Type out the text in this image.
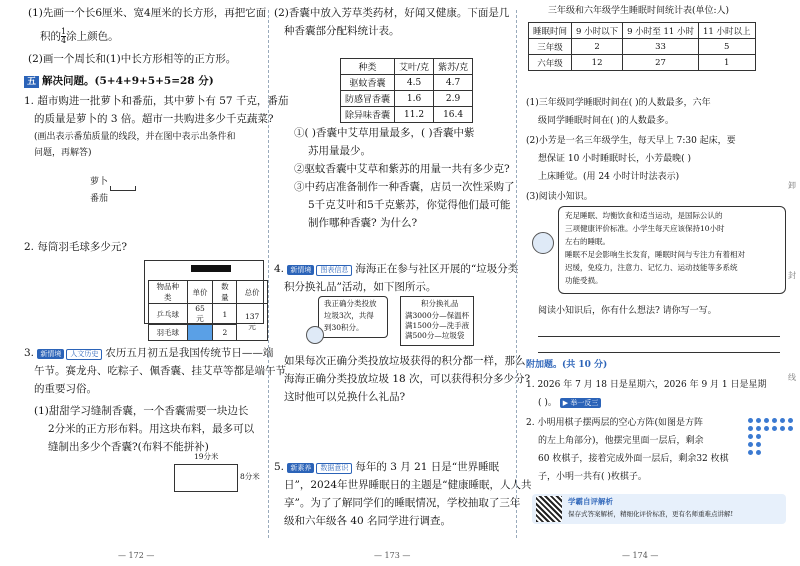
(1)先画一个长6厘米、宽4厘米的长方形，再把它面
积的 $\frac{1}{4}$ 涂上颜色。
(2)画一个周长和(1)中长方形相等的正方形。
五 解决问题。(5+4+9+5+5=28 分)
1. 超市购进一批萝卜和番茄，其中萝卜有 57 千克，番茄
的质量是萝卜的 3 倍。超市一共购进多少千克蔬菜?
(画出表示番茄质量的线段，并在图中表示出条件和
问题，再解答)
萝卜
番茄
2. 每筒羽毛球多少元?
物品种类	单价	数量	总价
乒乓球	65元	1	137元
羽毛球		2	
3. 新情境 人文历史 农历五月初五是我国传统节日——端
午节。赛龙舟、吃粽子、佩香囊、挂艾草等都是端午节
的重要习俗。
(1)甜甜学习缝制香囊，一个香囊需要一块边长
2分米的正方形布料。用这块布料，最多可以
缝制出多少个香囊?(布料不能拼补)
19分米
8分米
— 172 —
(2)香囊中放入芳草类药材，好闻又健康。下面是几
种香囊部分配料统计表。
种类	艾叶/克	紫苏/克
驱蚊香囊	4.5	4.7
防感冒香囊	1.6	2.9
除异味香囊	11.2	16.4
①( )香囊中艾草用量最多，( )香囊中紫
苏用量最少。
②驱蚊香囊中艾草和紫苏的用量一共有多少克?
③中药店准备制作一种香囊，店员一次性采购了
5千克艾叶和5千克紫苏，你觉得他们最可能
制作哪种香囊? 为什么?
4. 新情境 图表信息 海海正在参与社区开展的“垃圾分类
积分换礼品”活动，如下图所示。
我正确分类投放
垃圾3次，共得
到30积分。
积分换礼品
满3000分—保温杯
满1500分—洗手液
满500分—垃圾袋
如果每次正确分类投放垃圾获得的积分都一样，那么
海海正确分类投放垃圾 18 次，可以获得积分多少分?
这时他可以兑换什么礼品?
5. 新素养 数据意识 每年的 3 月 21 日是“世界睡眠
日”，2024年世界睡眠日的主题是“健康睡眠，人人共
享”。为了了解同学们的睡眠情况，学校抽取了三年
级和六年级各 40 名同学进行调查。
— 173 —
三年级和六年级学生睡眠时间统计表(单位:人)
睡眠时间	9 小时以下	9 小时至 11 小时	11 小时以上
三年级	2	33	5
六年级	12	27	1
(1)三年级同学睡眠时间在( )的人数最多，六年
级同学睡眠时间在( )的人数最多。
(2)小芳是一名三年级学生，每天早上 7:30 起床，要
想保证 10 小时睡眠时长，小芳最晚( )
上床睡觉。(用 24 小时计时法表示)
(3)阅读小知识。
充足睡眠、均衡饮食和适当运动，是国际公认的
三项健康评价标准。小学生每天应该保持10小时
左右的睡眠。
睡眠不足会影响生长发育，睡眠时间与专注力有着相对
迟缓，免疫力，注意力、记忆力、运动技能等多系统
功能受损。
阅读小知识后，你有什么想法? 请你写一写。
附加题。(共 10 分)
1. 2026 年 7 月 18 日是星期六，2026 年 9 月 1 日是星期
( )。 ▶ 举一反三
2. 小明用棋子摆两层的空心方阵(如图是方阵
的左上角部分)，他摆完里面一层后，剩余
60 枚棋子，接着完成外面一层后，剩余32 枚棋
子，小明一共有( )枚棋子。
学霸自评解析
保存式答案解析，精细化评价标准，更有名师重难点讲解!
卸
封
线
— 174 —
